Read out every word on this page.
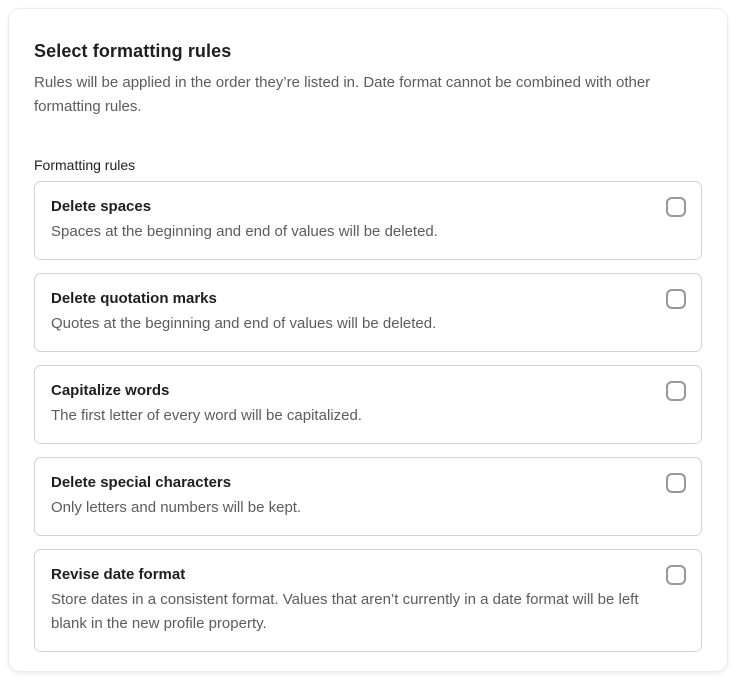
Select formatting rules
Rules will be applied in the order they’re listed in. Date format cannot be combined with other formatting rules.
Formatting rules
Delete spaces
Spaces at the beginning and end of values will be deleted.
Delete quotation marks
Quotes at the beginning and end of values will be deleted.
Capitalize words
The first letter of every word will be capitalized.
Delete special characters
Only letters and numbers will be kept.
Revise date format
Store dates in a consistent format. Values that aren’t currently in a date format will be left blank in the new profile property.
